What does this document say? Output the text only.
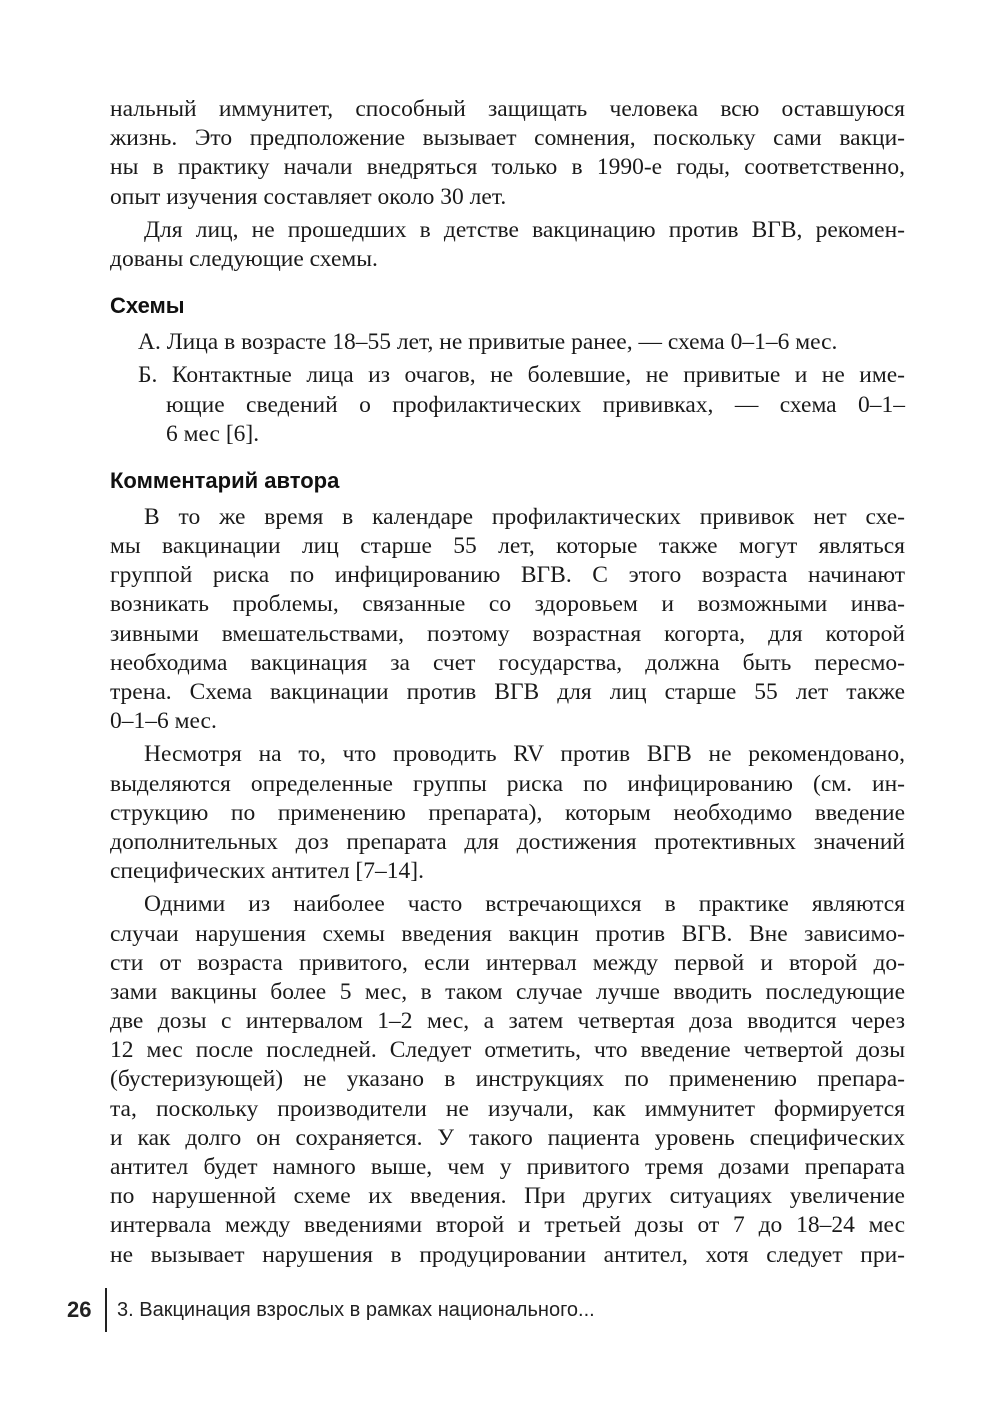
нальный иммунитет, способный защищать человека всю оставшуюся
жизнь. Это предположение вызывает сомнения, поскольку сами вакци-
ны в практику начали внедряться только в 1990-е годы, соответственно,
опыт изучения составляет около 30 лет.
Для лиц, не прошедших в детстве вакцинацию против ВГВ, рекомен-
дованы следующие схемы.
Схемы
А. Лица в возрасте 18–55 лет, не привитые ранее, — схема 0–1–6 мес.
Б. Контактные лица из очагов, не болевшие, не привитые и не име-
ющие сведений о профилактических прививках, — схема 0–1–
6 мес [6].
Комментарий автора
В то же время в календаре профилактических прививок нет схе-
мы вакцинации лиц старше 55 лет, которые также могут являться
группой риска по инфицированию ВГВ. С этого возраста начинают
возникать проблемы, связанные со здоровьем и возможными инва-
зивными вмешательствами, поэтому возрастная когорта, для которой
необходима вакцинация за счет государства, должна быть пересмо-
трена. Схема вакцинации против ВГВ для лиц старше 55 лет также
0–1–6 мес.
Несмотря на то, что проводить RV против ВГВ не рекомендовано,
выделяются определенные группы риска по инфицированию (см. ин-
струкцию по применению препарата), которым необходимо введение
дополнительных доз препарата для достижения протективных значений
специфических антител [7–14].
Одними из наиболее часто встречающихся в практике являются
случаи нарушения схемы введения вакцин против ВГВ. Вне зависимо-
сти от возраста привитого, если интервал между первой и второй до-
зами вакцины более 5 мес, в таком случае лучше вводить последующие
две дозы с интервалом 1–2 мес, а затем четвертая доза вводится через
12 мес после последней. Следует отметить, что введение четвертой дозы
(бустеризующей) не указано в инструкциях по применению препара-
та, поскольку производители не изучали, как иммунитет формируется
и как долго он сохраняется. У такого пациента уровень специфических
антител будет намного выше, чем у привитого тремя дозами препарата
по нарушенной схеме их введения. При других ситуациях увеличение
интервала между введениями второй и третьей дозы от 7 до 18–24 мес
не вызывает нарушения в продуцировании антител, хотя следует при-
26	3. Вакцинация взрослых в рамках национального...
